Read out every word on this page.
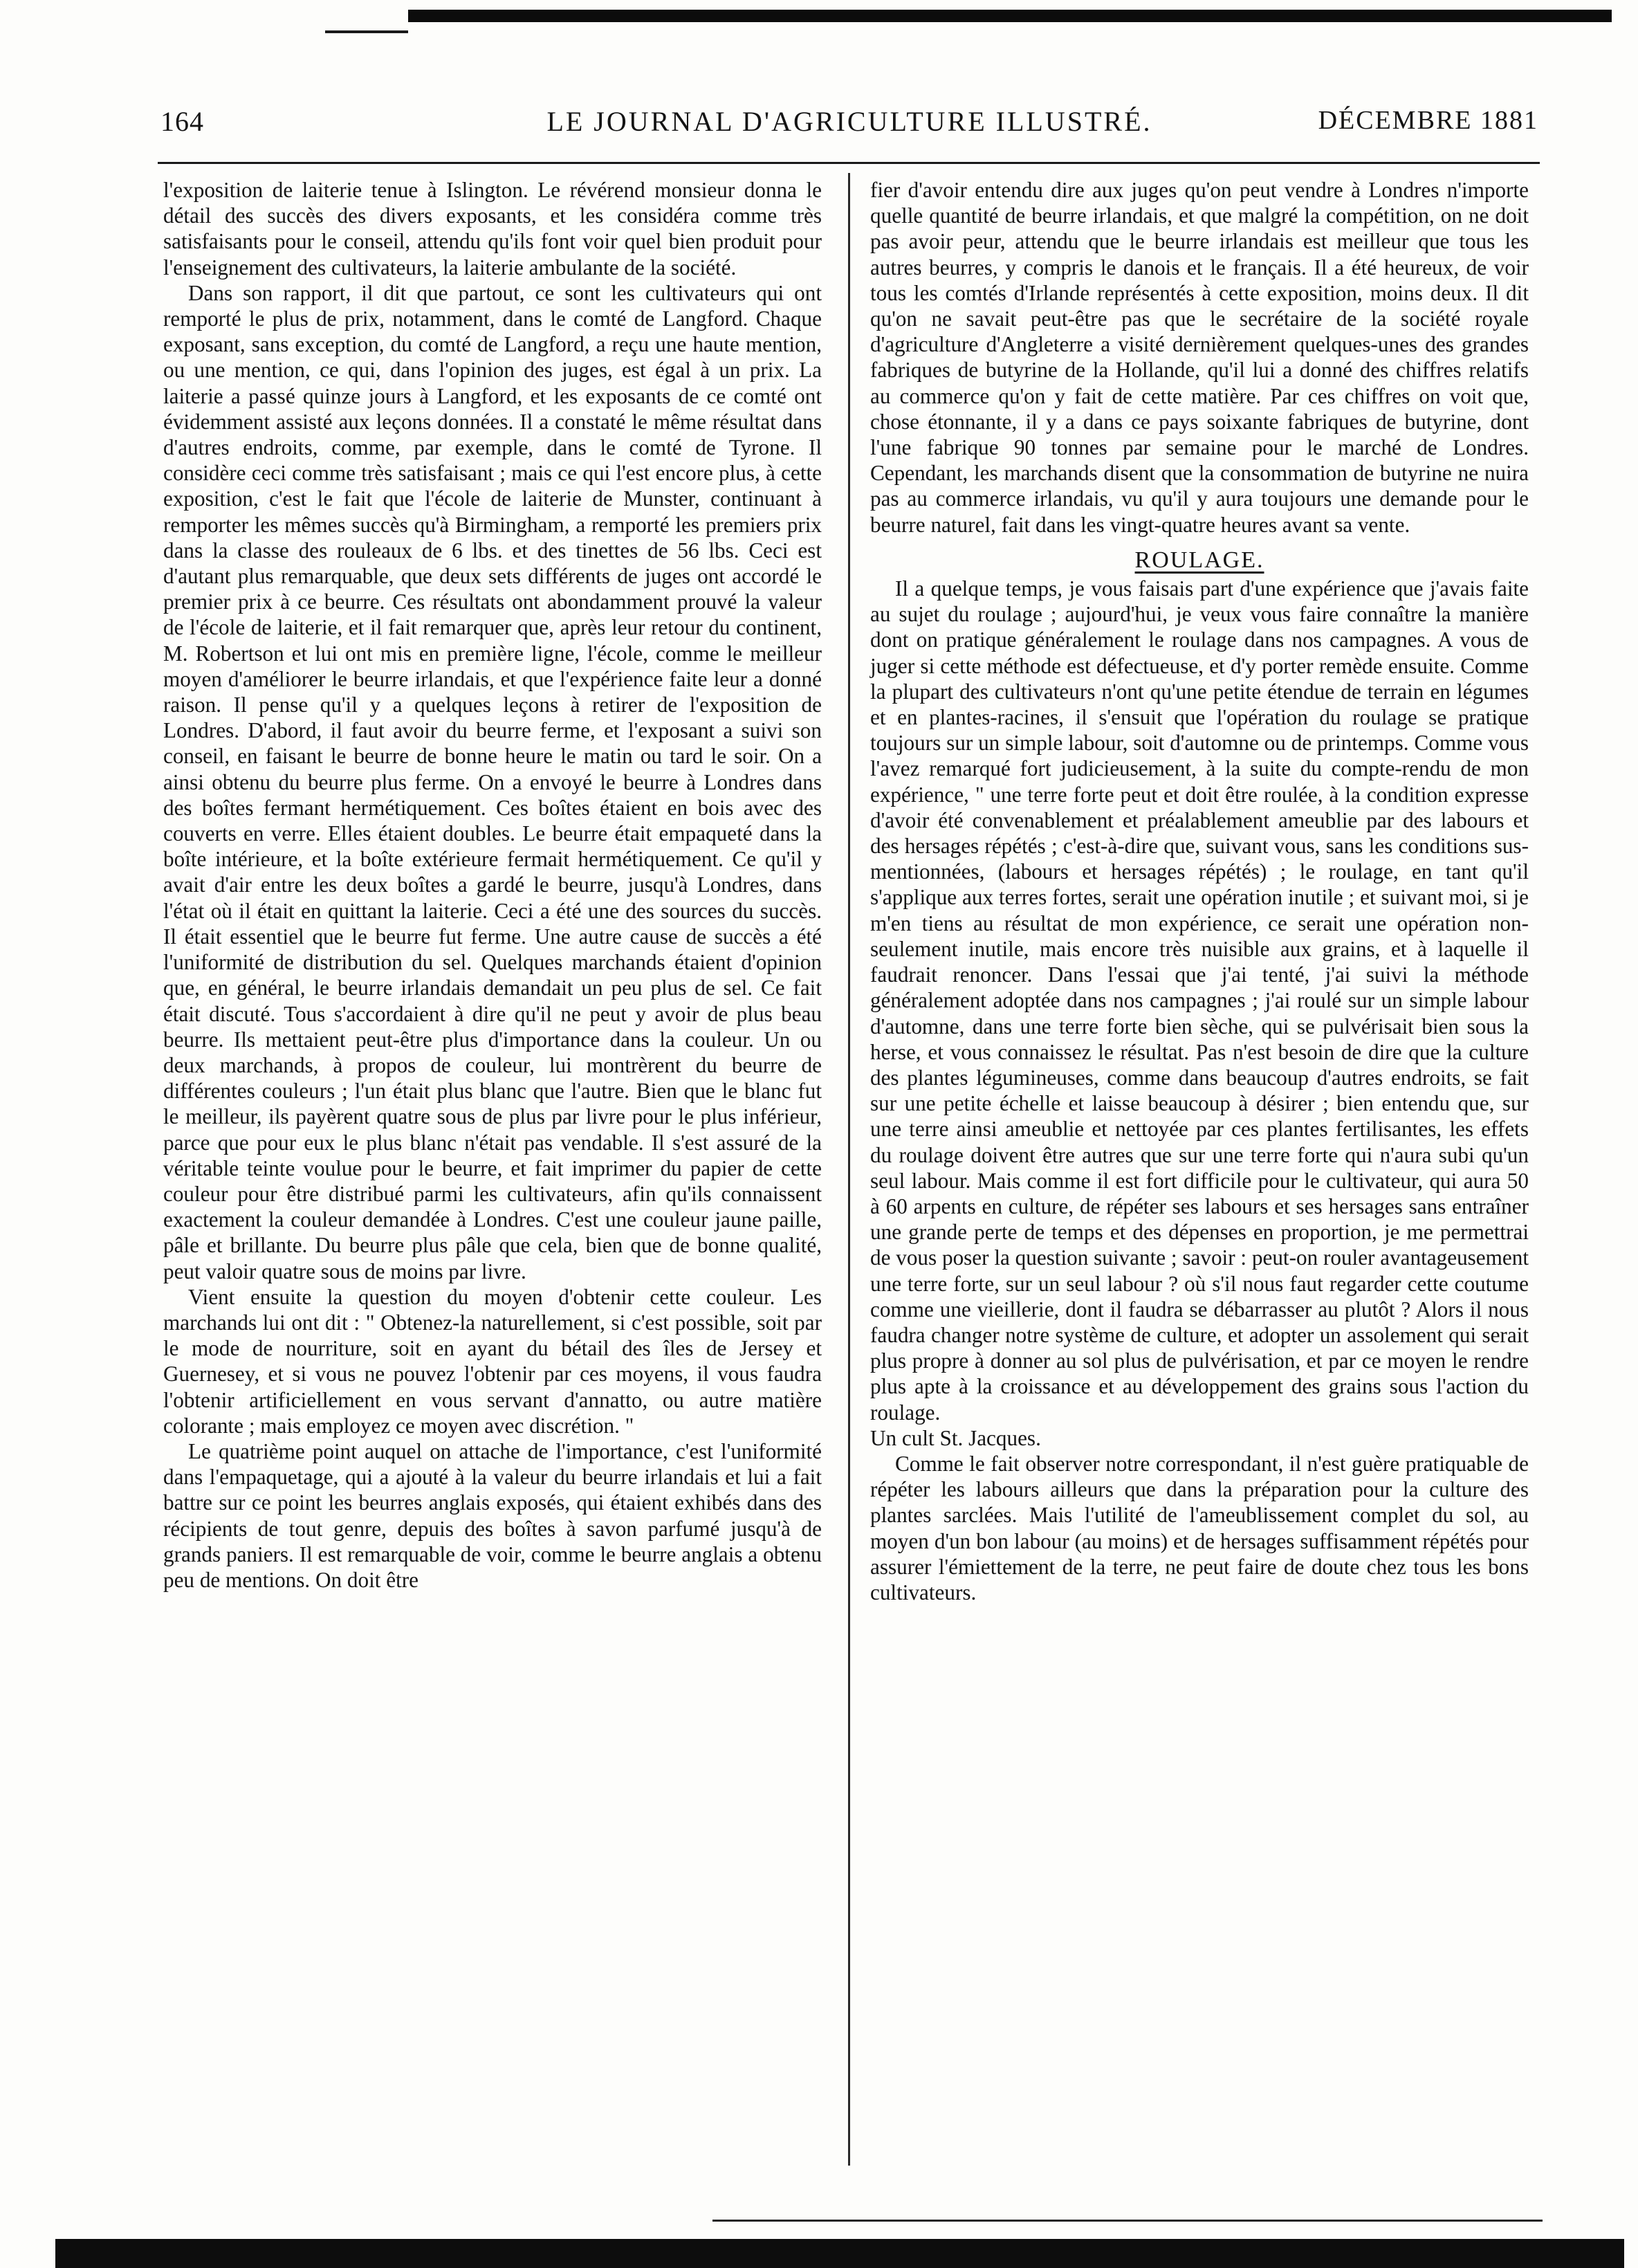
164	LE JOURNAL D'AGRICULTURE ILLUSTRÉ.	DÉCEMBRE 1881

l'exposition de laiterie tenue à Islington. Le révérend monsieur donna le détail des succès des divers exposants, et les considéra comme très satisfaisants pour le conseil, attendu qu'ils font voir quel bien produit pour l'enseignement des cultivateurs, la laiterie ambulante de la société.

Dans son rapport, il dit que partout, ce sont les cultivateurs qui ont remporté le plus de prix, notamment, dans le comté de Langford. Chaque exposant, sans exception, du comté de Langford, a reçu une haute mention, ou une mention, ce qui, dans l'opinion des juges, est égal à un prix. La laiterie a passé quinze jours à Langford, et les exposants de ce comté ont évidemment assisté aux leçons données. Il a constaté le même résultat dans d'autres endroits, comme, par exemple, dans le comté de Tyrone. Il considère ceci comme très satisfaisant ; mais ce qui l'est encore plus, à cette exposition, c'est le fait que l'école de laiterie de Munster, continuant à remporter les mêmes succès qu'à Birmingham, a remporté les premiers prix dans la classe des rouleaux de 6 lbs. et des tinettes de 56 lbs. Ceci est d'autant plus remarquable, que deux sets différents de juges ont accordé le premier prix à ce beurre. Ces résultats ont abondamment prouvé la valeur de l'école de laiterie, et il fait remarquer que, après leur retour du continent, M. Robertson et lui ont mis en première ligne, l'école, comme le meilleur moyen d'améliorer le beurre irlandais, et que l'expérience faite leur a donné raison. Il pense qu'il y a quelques leçons à retirer de l'exposition de Londres. D'abord, il faut avoir du beurre ferme, et l'exposant a suivi son conseil, en faisant le beurre de bonne heure le matin ou tard le soir. On a ainsi obtenu du beurre plus ferme. On a envoyé le beurre à Londres dans des boîtes fermant hermétiquement. Ces boîtes étaient en bois avec des couverts en verre. Elles étaient doubles. Le beurre était empaqueté dans la boîte intérieure, et la boîte extérieure fermait hermétiquement. Ce qu'il y avait d'air entre les deux boîtes a gardé le beurre, jusqu'à Londres, dans l'état où il était en quittant la laiterie. Ceci a été une des sources du succès. Il était essentiel que le beurre fut ferme. Une autre cause de succès a été l'uniformité de distribution du sel. Quelques marchands étaient d'opinion que, en général, le beurre irlandais demandait un peu plus de sel. Ce fait était discuté. Tous s'accordaient à dire qu'il ne peut y avoir de plus beau beurre. Ils mettaient peut-être plus d'importance dans la couleur. Un ou deux marchands, à propos de couleur, lui montrèrent du beurre de différentes couleurs ; l'un était plus blanc que l'autre. Bien que le blanc fut le meilleur, ils payèrent quatre sous de plus par livre pour le plus inférieur, parce que pour eux le plus blanc n'était pas vendable. Il s'est assuré de la véritable teinte voulue pour le beurre, et fait imprimer du papier de cette couleur pour être distribué parmi les cultivateurs, afin qu'ils connaissent exactement la couleur demandée à Londres. C'est une couleur jaune paille, pâle et brillante. Du beurre plus pâle que cela, bien que de bonne qualité, peut valoir quatre sous de moins par livre.

Vient ensuite la question du moyen d'obtenir cette couleur. Les marchands lui ont dit : " Obtenez-la naturellement, si c'est possible, soit par le mode de nourriture, soit en ayant du bétail des îles de Jersey et Guernesey, et si vous ne pouvez l'obtenir par ces moyens, il vous faudra l'obtenir artificiellement en vous servant d'annatto, ou autre matière colorante ; mais employez ce moyen avec discrétion. "

Le quatrième point auquel on attache de l'importance, c'est l'uniformité dans l'empaquetage, qui a ajouté à la valeur du beurre irlandais et lui a fait battre sur ce point les beurres anglais exposés, qui étaient exhibés dans des récipients de tout genre, depuis des boîtes à savon parfumé jusqu'à de grands paniers. Il est remarquable de voir, comme le beurre anglais a obtenu peu de mentions. On doit être

fier d'avoir entendu dire aux juges qu'on peut vendre à Londres n'importe quelle quantité de beurre irlandais, et que malgré la compétition, on ne doit pas avoir peur, attendu que le beurre irlandais est meilleur que tous les autres beurres, y compris le danois et le français. Il a été heureux, de voir tous les comtés d'Irlande représentés à cette exposition, moins deux. Il dit qu'on ne savait peut-être pas que le secrétaire de la société royale d'agriculture d'Angleterre a visité dernièrement quelques-unes des grandes fabriques de butyrine de la Hollande, qu'il lui a donné des chiffres relatifs au commerce qu'on y fait de cette matière. Par ces chiffres on voit que, chose étonnante, il y a dans ce pays soixante fabriques de butyrine, dont l'une fabrique 90 tonnes par semaine pour le marché de Londres. Cependant, les marchands disent que la consommation de butyrine ne nuira pas au commerce irlandais, vu qu'il y aura toujours une demande pour le beurre naturel, fait dans les vingt-quatre heures avant sa vente.

ROULAGE.

Il a quelque temps, je vous faisais part d'une expérience que j'avais faite au sujet du roulage ; aujourd'hui, je veux vous faire connaître la manière dont on pratique généralement le roulage dans nos campagnes. A vous de juger si cette méthode est défectueuse, et d'y porter remède ensuite. Comme la plupart des cultivateurs n'ont qu'une petite étendue de terrain en légumes et en plantes-racines, il s'ensuit que l'opération du roulage se pratique toujours sur un simple labour, soit d'automne ou de printemps. Comme vous l'avez remarqué fort judicieusement, à la suite du compte-rendu de mon expérience, " une terre forte peut et doit être roulée, à la condition expresse d'avoir été convenablement et préalablement ameublie par des labours et des hersages répétés ; c'est-à-dire que, suivant vous, sans les conditions sus-mentionnées, (labours et hersages répétés) ; le roulage, en tant qu'il s'applique aux terres fortes, serait une opération inutile ; et suivant moi, si je m'en tiens au résultat de mon expérience, ce serait une opération non-seulement inutile, mais encore très nuisible aux grains, et à laquelle il faudrait renoncer. Dans l'essai que j'ai tenté, j'ai suivi la méthode généralement adoptée dans nos campagnes ; j'ai roulé sur un simple labour d'automne, dans une terre forte bien sèche, qui se pulvérisait bien sous la herse, et vous connaissez le résultat. Pas n'est besoin de dire que la culture des plantes légumineuses, comme dans beaucoup d'autres endroits, se fait sur une petite échelle et laisse beaucoup à désirer ; bien entendu que, sur une terre ainsi ameublie et nettoyée par ces plantes fertilisantes, les effets du roulage doivent être autres que sur une terre forte qui n'aura subi qu'un seul labour. Mais comme il est fort difficile pour le cultivateur, qui aura 50 à 60 arpents en culture, de répéter ses labours et ses hersages sans entraîner une grande perte de temps et des dépenses en proportion, je me permettrai de vous poser la question suivante ; savoir : peut-on rouler avantageusement une terre forte, sur un seul labour ? où s'il nous faut regarder cette coutume comme une vieillerie, dont il faudra se débarrasser au plutôt ? Alors il nous faudra changer notre système de culture, et adopter un assolement qui serait plus propre à donner au sol plus de pulvérisation, et par ce moyen le rendre plus apte à la croissance et au développement des grains sous l'action du roulage.

Un cult St. Jacques.

Comme le fait observer notre correspondant, il n'est guère pratiquable de répéter les labours ailleurs que dans la préparation pour la culture des plantes sarclées. Mais l'utilité de l'ameublissement complet du sol, au moyen d'un bon labour (au moins) et de hersages suffisamment répétés pour assurer l'émiettement de la terre, ne peut faire de doute chez tous les bons cultivateurs.
